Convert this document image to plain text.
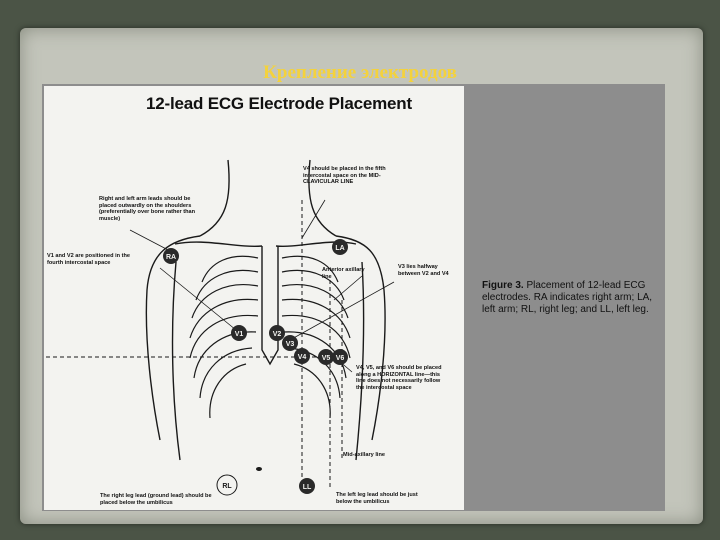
Крепление электродов
RA
LA
V1	V2
V3
V4 V5 V6
RL	LL
12-lead ECG Electrode Placement
V4 should be placed in the fifth intercostal space on the MID-CLAVICULAR LINE
Right and left arm leads should be placed outwardly on the shoulders (preferentially over bone rather than muscle)
V1 and V2 are positioned in the fourth intercostal space
V3 lies halfway between V2 and V4
Anterior axillary line
V4, V5, and V6 should be placed along a HORIZONTAL line—this line does not necessarily follow the intercostal space
Mid-axillary line
The right leg lead (ground lead) should be placed below the umbilicus
The left leg lead should be just below the umbilicus
Figure 3. Placement of 12-lead ECG electrodes. RA indicates right arm; LA, left arm; RL, right leg; and LL, left leg.
